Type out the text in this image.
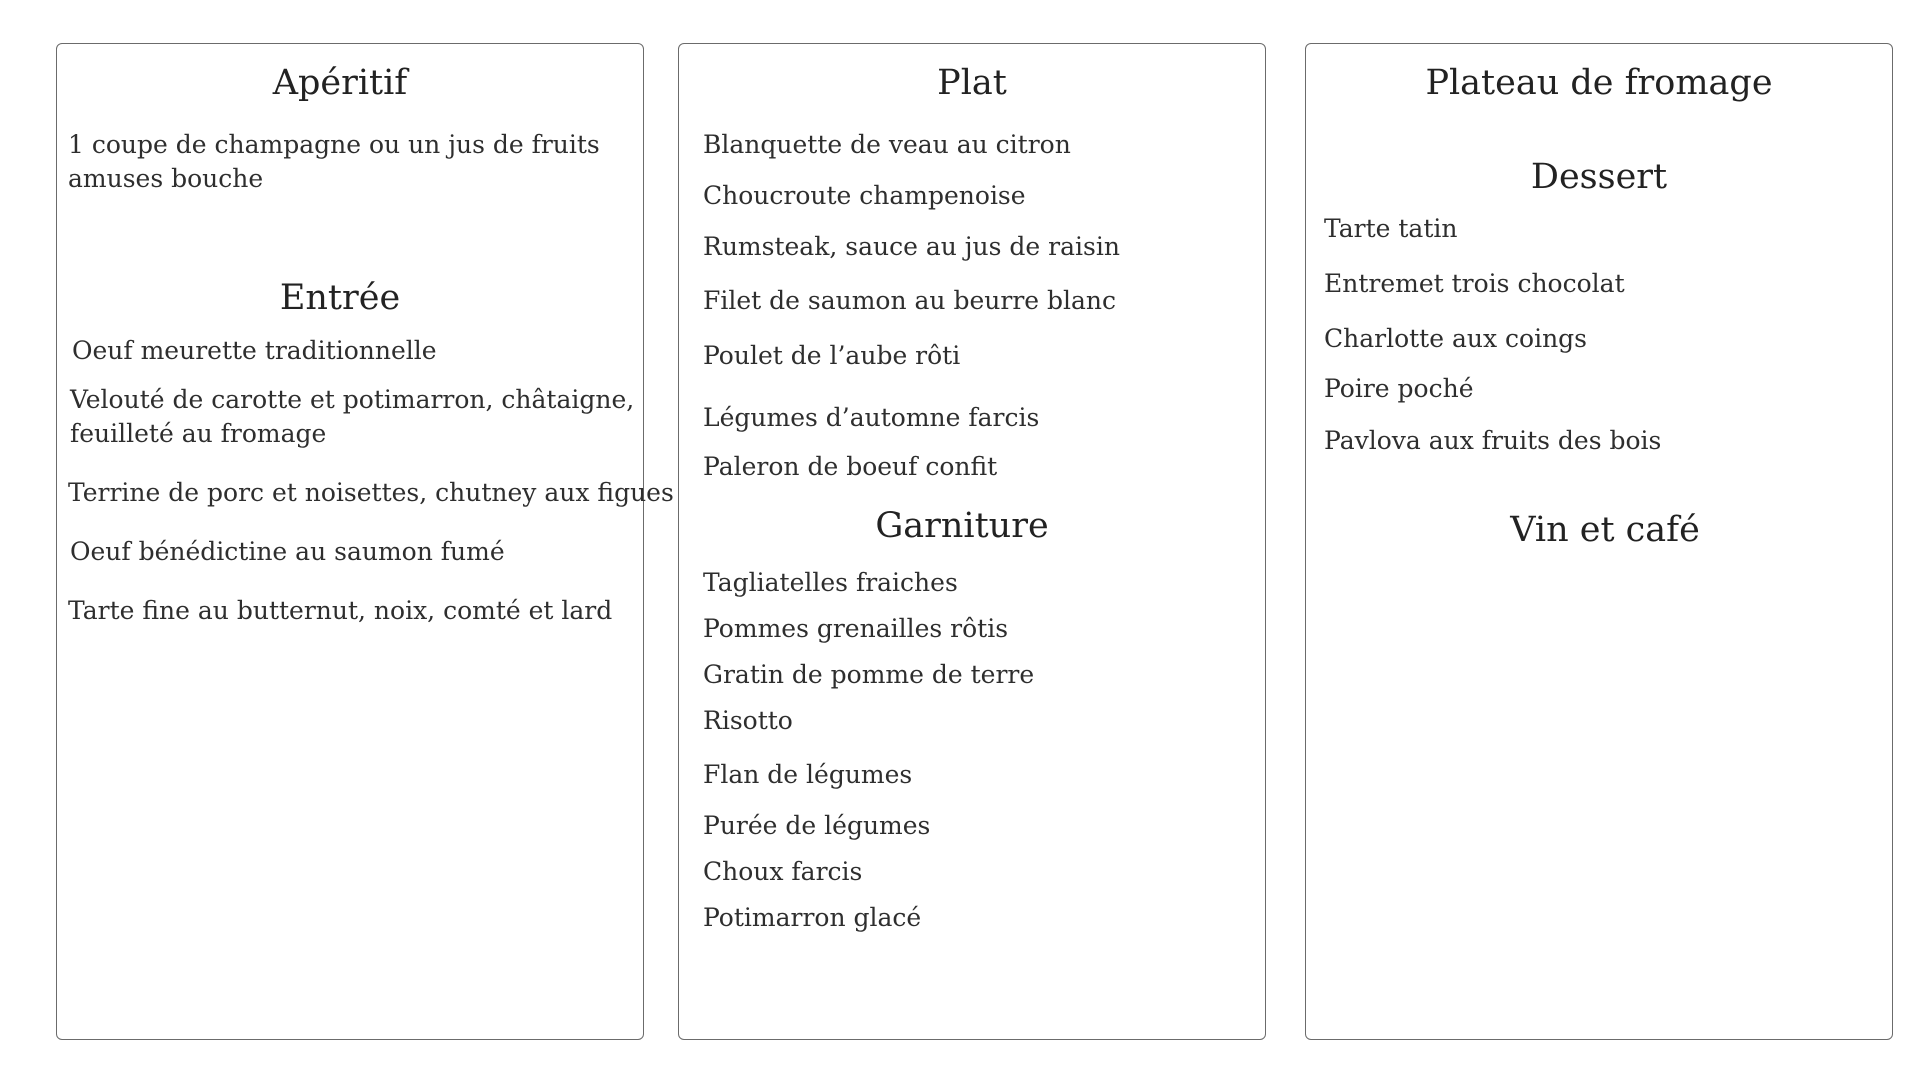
Apéritif
1 coupe de champagne ou un jus de fruits
amuses bouche
Entrée
Oeuf meurette traditionnelle
Velouté de carotte et potimarron, châtaigne,
feuilleté au fromage
Terrine de porc et noisettes, chutney aux figues
Oeuf bénédictine au saumon fumé
Tarte fine au butternut, noix, comté et lard
Plat
Blanquette de veau au citron
Choucroute champenoise
Rumsteak, sauce au jus de raisin
Filet de saumon au beurre blanc
Poulet de l’aube rôti
Légumes d’automne farcis
Paleron de boeuf confit
Garniture
Tagliatelles fraiches
Pommes grenailles rôtis
Gratin de pomme de terre
Risotto
Flan de légumes
Purée de légumes
Choux farcis
Potimarron glacé
Plateau de fromage
Dessert
Tarte tatin
Entremet trois chocolat
Charlotte aux coings
Poire poché
Pavlova aux fruits des bois
Vin et café
